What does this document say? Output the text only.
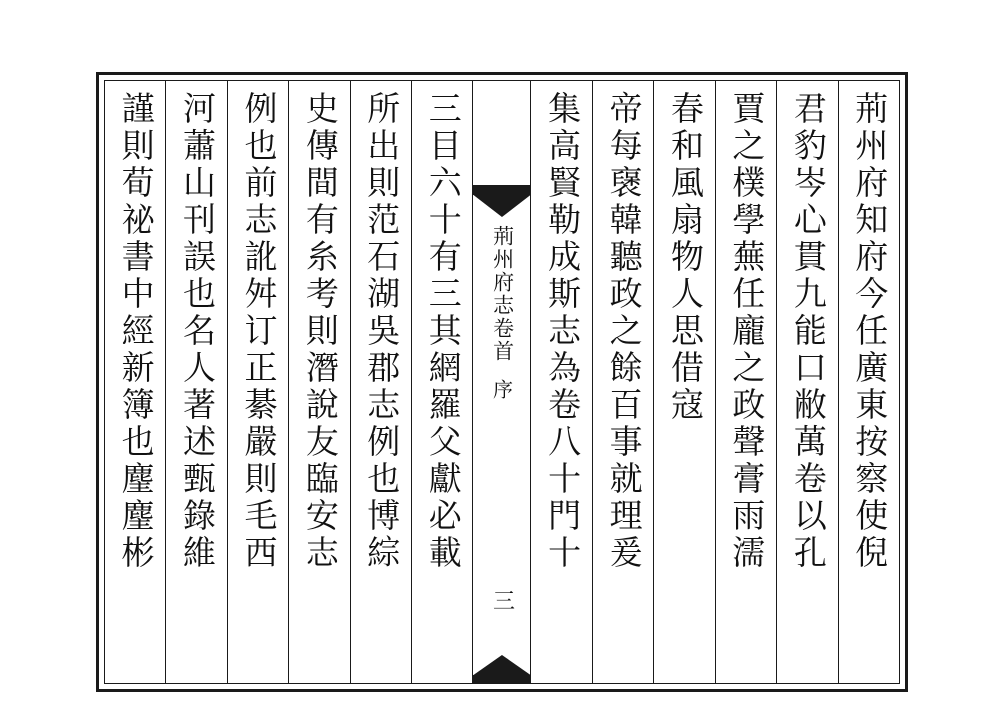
荊州府知府今任廣東按察使倪
君豹岑心貫九能口敝萬卷以孔
賈之樸學蕪任龐之政聲膏雨濡
春和風扇物人思借寇
帝每襃韓聽政之餘百事就理爰
集高賢勒成斯志為卷八十門十
荊州府志卷首
序
三
三目六十有三其網羅父獻必載
所出則范石湖吳郡志例也博綜
史傳間有糸考則潛說友臨安志
例也前志訛舛订正綦嚴則毛西
河蕭山刊誤也名人著述甄錄維
謹則荀祕書中經新簿也麈麈彬
